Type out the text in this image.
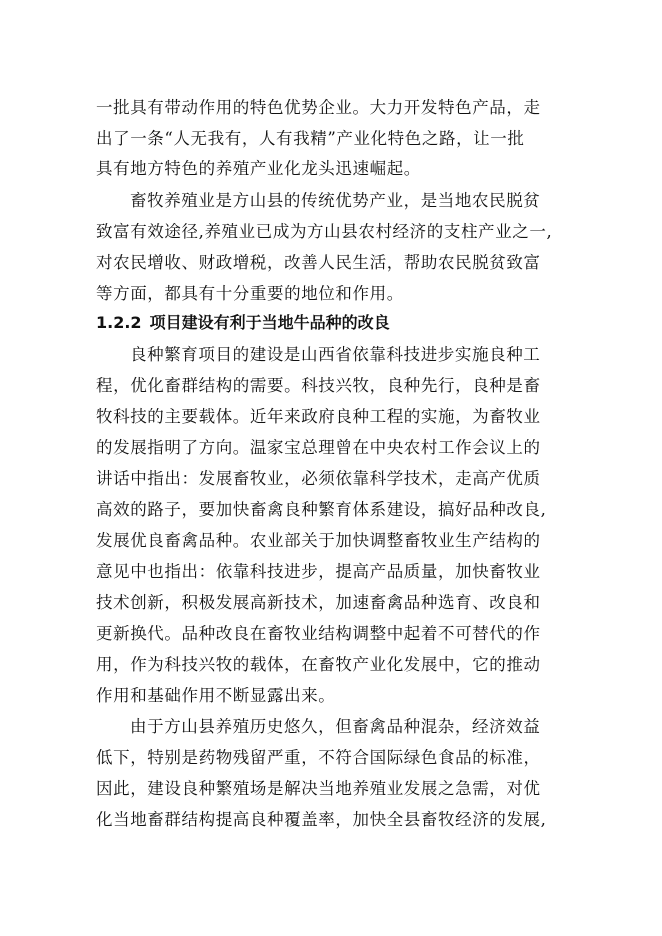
一批具有带动作用的特色优势企业。大力开发特色产品，走
出了一条“人无我有，人有我精”产业化特色之路，让一批
具有地方特色的养殖产业化龙头迅速崛起。
畜牧养殖业是方山县的传统优势产业，是当地农民脱贫
致富有效途径,养殖业已成为方山县农村经济的支柱产业之一,
对农民增收、财政增税，改善人民生活，帮助农民脱贫致富
等方面，都具有十分重要的地位和作用。
1.2.2 项目建设有利于当地牛品种的改良
良种繁育项目的建设是山西省依靠科技进步实施良种工
程，优化畜群结构的需要。科技兴牧，良种先行，良种是畜
牧科技的主要载体。近年来政府良种工程的实施，为畜牧业
的发展指明了方向。温家宝总理曾在中央农村工作会议上的
讲话中指出：发展畜牧业，必须依靠科学技术，走高产优质
高效的路子，要加快畜禽良种繁育体系建设，搞好品种改良,
发展优良畜禽品种。农业部关于加快调整畜牧业生产结构的
意见中也指出：依靠科技进步，提高产品质量，加快畜牧业
技术创新，积极发展高新技术，加速畜禽品种选育、改良和
更新换代。品种改良在畜牧业结构调整中起着不可替代的作
用，作为科技兴牧的载体，在畜牧产业化发展中，它的推动
作用和基础作用不断显露出来。
由于方山县养殖历史悠久，但畜禽品种混杂，经济效益
低下，特别是药物残留严重，不符合国际绿色食品的标准，
因此，建设良种繁殖场是解决当地养殖业发展之急需，对优
化当地畜群结构提高良种覆盖率，加快全县畜牧经济的发展,
